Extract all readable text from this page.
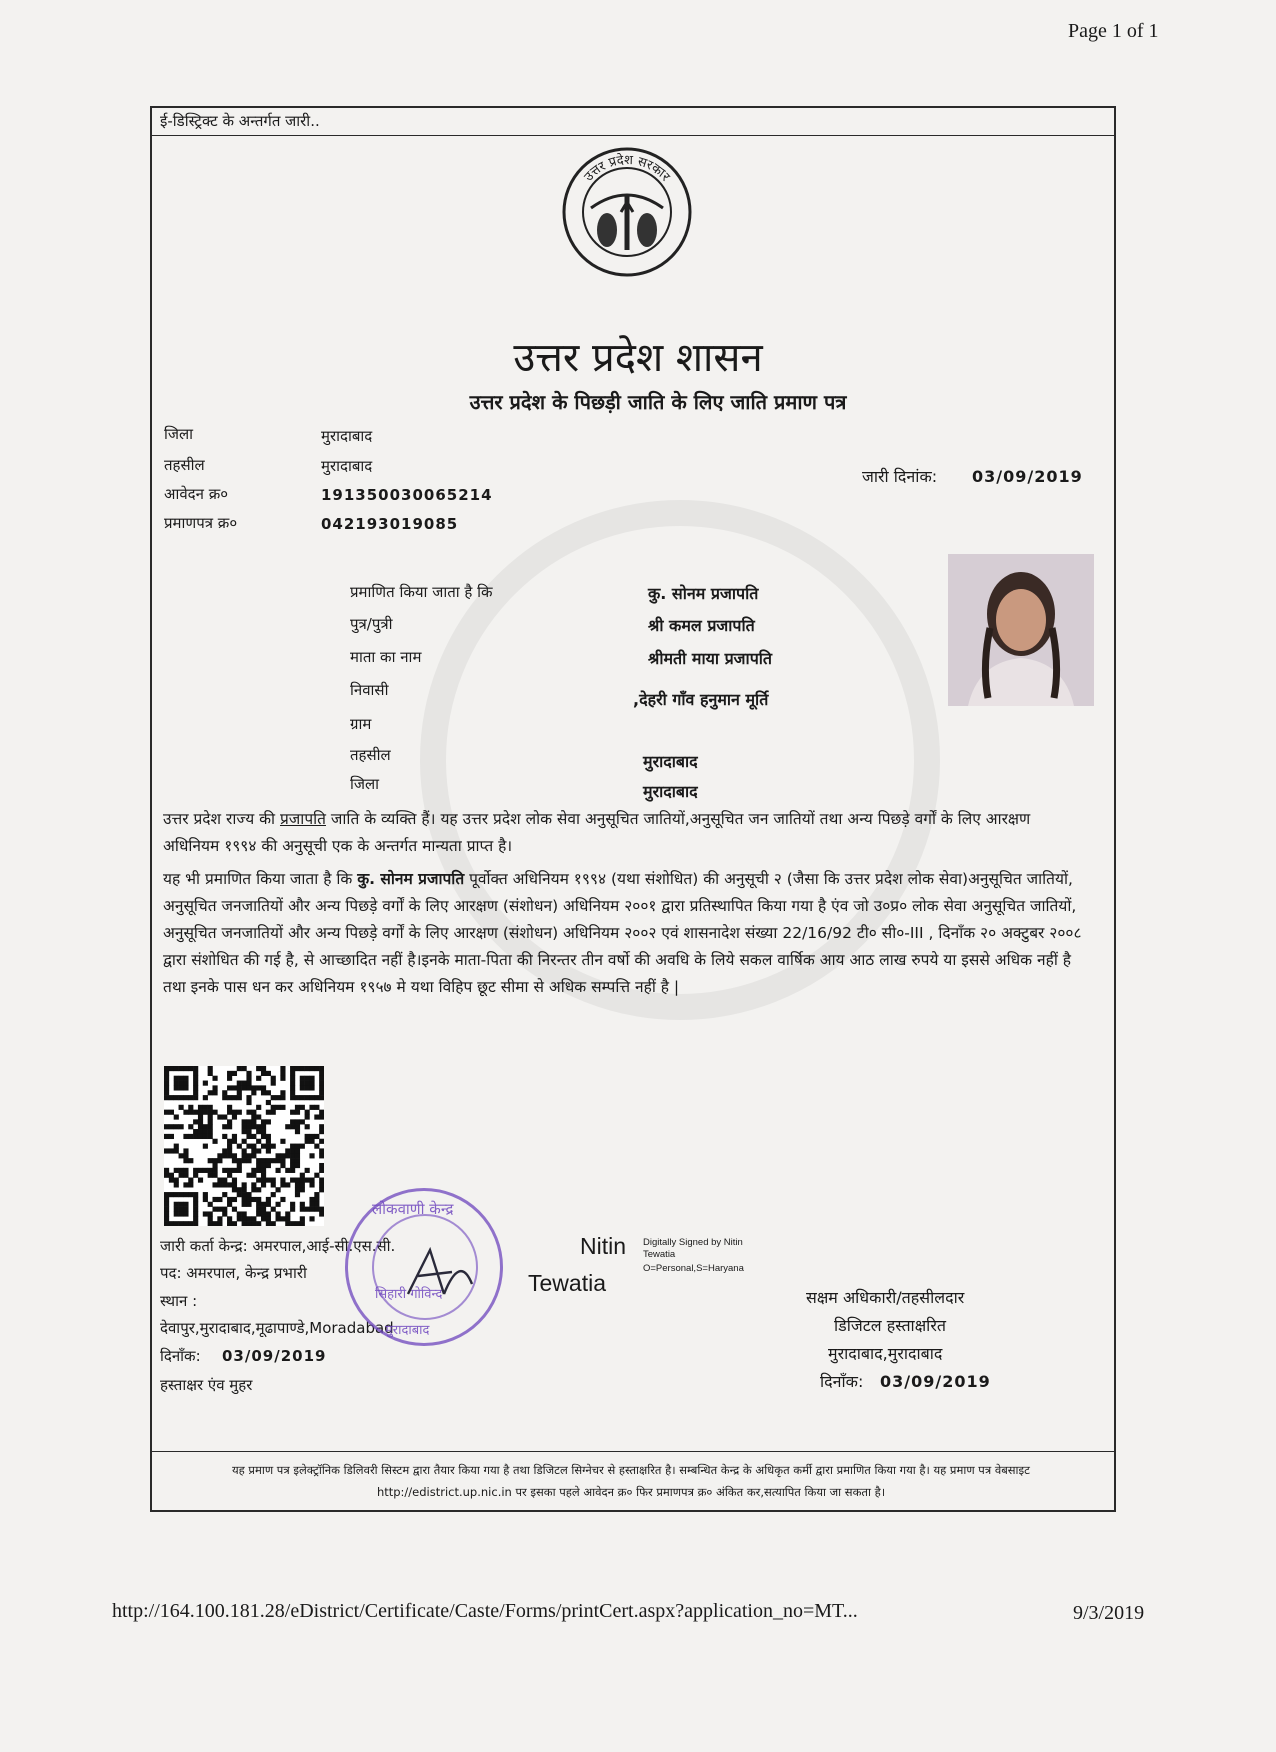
Page 1 of 1
ई-डिस्ट्रिक्ट के अन्तर्गत जारी..
उत्तर प्रदेश सरकार
उत्तर प्रदेश शासन
उत्तर प्रदेश के पिछड़ी जाति के लिए जाति प्रमाण पत्र
जिला	मुरादाबाद
तहसील	मुरादाबाद
आवेदन क्र०	191350030065214
प्रमाणपत्र क्र०	042193019085
जारी दिनांक: 03/09/2019
प्रमाणित किया जाता है कि	कु. सोनम प्रजापति
पुत्र/पुत्री	श्री कमल प्रजापति
माता का नाम	श्रीमती माया प्रजापति
निवासी	,देहरी गाँव हनुमान मूर्ति
ग्राम
तहसील	मुरादाबाद
जिला	मुरादाबाद
उत्तर प्रदेश राज्य की प्रजापति जाति के व्यक्ति हैं। यह उत्तर प्रदेश लोक सेवा अनुसूचित जातियों,अनुसूचित जन जातियों तथा अन्य पिछड़े वर्गों के लिए आरक्षण अधिनियम १९९४ की अनुसूची एक के अन्तर्गत मान्यता प्राप्त है।
यह भी प्रमाणित किया जाता है कि कु. सोनम प्रजापति पूर्वोक्त अधिनियम १९९४ (यथा संशोधित) की अनुसूची २ (जैसा कि उत्तर प्रदेश लोक सेवा)अनुसूचित जातियों, अनुसूचित जनजातियों और अन्य पिछड़े वर्गों के लिए आरक्षण (संशोधन) अधिनियम २००१ द्वारा प्रतिस्थापित किया गया है एंव जो उ०प्र० लोक सेवा अनुसूचित जातियों, अनुसूचित जनजातियों और अन्य पिछड़े वर्गों के लिए आरक्षण (संशोधन) अधिनियम २००२ एवं शासनादेश संख्या 22/16/92 टी० सी०-III , दिनाँक २० अक्टुबर २००८ द्वारा संशोधित की गई है, से आच्छादित नहीं है।इनके माता-पिता की निरन्तर तीन वर्षो की अवधि के लिये सकल वार्षिक आय आठ लाख रुपये या इससे अधिक नहीं है तथा इनके पास धन कर अधिनियम १९५७ मे यथा विहिप छूट सीमा से अधिक सम्पत्ति नहीं है |
जारी कर्ता केन्द्र: अमरपाल,आई-सी.एस.सी.
पद: अमरपाल, केन्द्र प्रभारी
स्थान :
देवापुर,मुरादाबाद,मूढापाण्डे,Moradabad
दिनाँक: 03/09/2019
हस्ताक्षर एंव मुहर
लोकवाणी केन्द्र
सिहारी गोविन्द
मुरादाबाद
Nitin
Tewatia
Digitally Signed by Nitin
Tewatia
O=Personal,S=Haryana
सक्षम अधिकारी/तहसीलदार
डिजिटल हस्ताक्षरित
मुरादाबाद,मुरादाबाद
दिनाँक: 03/09/2019
यह प्रमाण पत्र इलेक्ट्रॉनिक डिलिवरी सिस्टम द्वारा तैयार किया गया है तथा डिजिटल सिग्नेचर से हस्ताक्षरित है। सम्बन्धित केन्द्र के अधिकृत कर्मी द्वारा प्रमाणित किया गया है। यह प्रमाण पत्र वेबसाइट http://edistrict.up.nic.in पर इसका पहले आवेदन क्र० फिर प्रमाणपत्र क्र० अंकित कर,सत्यापित किया जा सकता है।
http://164.100.181.28/eDistrict/Certificate/Caste/Forms/printCert.aspx?application_no=MT...	9/3/2019
